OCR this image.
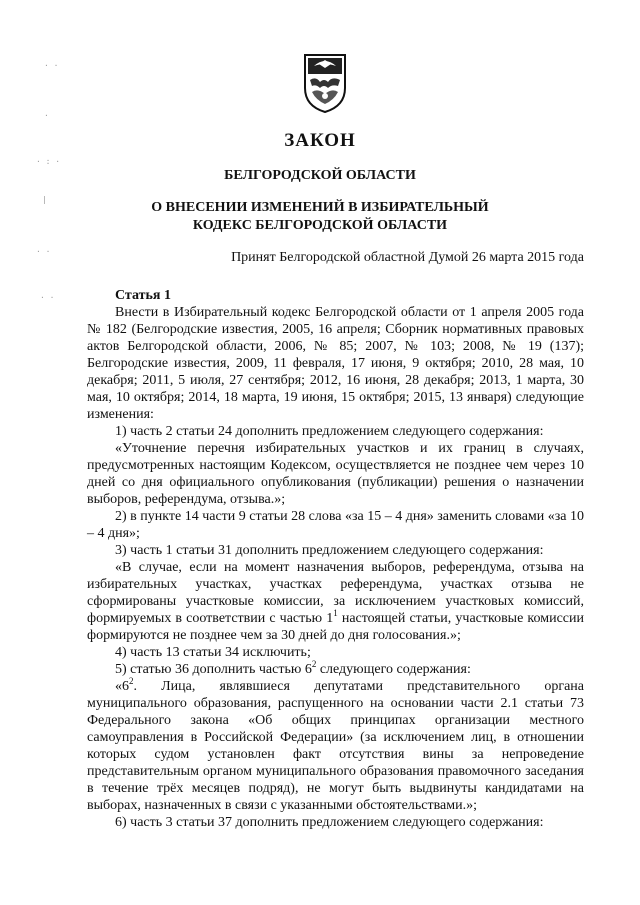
· ·
·
· : ·
|
· ·
· ·
ЗАКОН
БЕЛГОРОДСКОЙ ОБЛАСТИ
О ВНЕСЕНИИ ИЗМЕНЕНИЙ В ИЗБИРАТЕЛЬНЫЙ
КОДЕКС БЕЛГОРОДСКОЙ ОБЛАСТИ
Принят Белгородской областной Думой 26 марта 2015 года

Статья 1

Внести в Избирательный кодекс Белгородской области от 1 апреля 2005 года № 182 (Белгородские известия, 2005, 16 апреля; Сборник нормативных правовых актов Белгородской области, 2006, № 85; 2007, № 103; 2008, № 19 (137); Белгородские известия, 2009, 11 февраля, 17 июня, 9 октября; 2010, 28 мая, 10 декабря; 2011, 5 июля, 27 сентября; 2012, 16 июня, 28 декабря; 2013, 1 марта, 30 мая, 10 октября; 2014, 18 марта, 19 июня, 15 октября; 2015, 13 января) следующие изменения:

1) часть 2 статьи 24 дополнить предложением следующего содержания:

«Уточнение перечня избирательных участков и их границ в случаях, предусмотренных настоящим Кодексом, осуществляется не позднее чем через 10 дней со дня официального опубликования (публикации) решения о назначении выборов, референдума, отзыва.»;

2) в пункте 14 части 9 статьи 28 слова «за 15 – 4 дня» заменить словами «за 10 – 4 дня»;

3) часть 1 статьи 31 дополнить предложением следующего содержания:

«В случае, если на момент назначения выборов, референдума, отзыва на избирательных участках, участках референдума, участках отзыва не сформированы участковые комиссии, за исключением участковых комиссий, формируемых в соответствии с частью $1^1$ настоящей статьи, участковые комиссии формируются не позднее чем за 30 дней до дня голосования.»;

4) часть 13 статьи 34 исключить;

5) статью 36 дополнить частью $6^2$ следующего содержания:

«$6^2$. Лица, являвшиеся депутатами представительного органа муниципального образования, распущенного на основании части 2.1 статьи 73 Федерального закона «Об общих принципах организации местного самоуправления в Российской Федерации» (за исключением лиц, в отношении которых судом установлен факт отсутствия вины за непроведение представительным органом муниципального образования правомочного заседания в течение трёх месяцев подряд), не могут быть выдвинуты кандидатами на выборах, назначенных в связи с указанными обстоятельствами.»;

6) часть 3 статьи 37 дополнить предложением следующего содержания:
